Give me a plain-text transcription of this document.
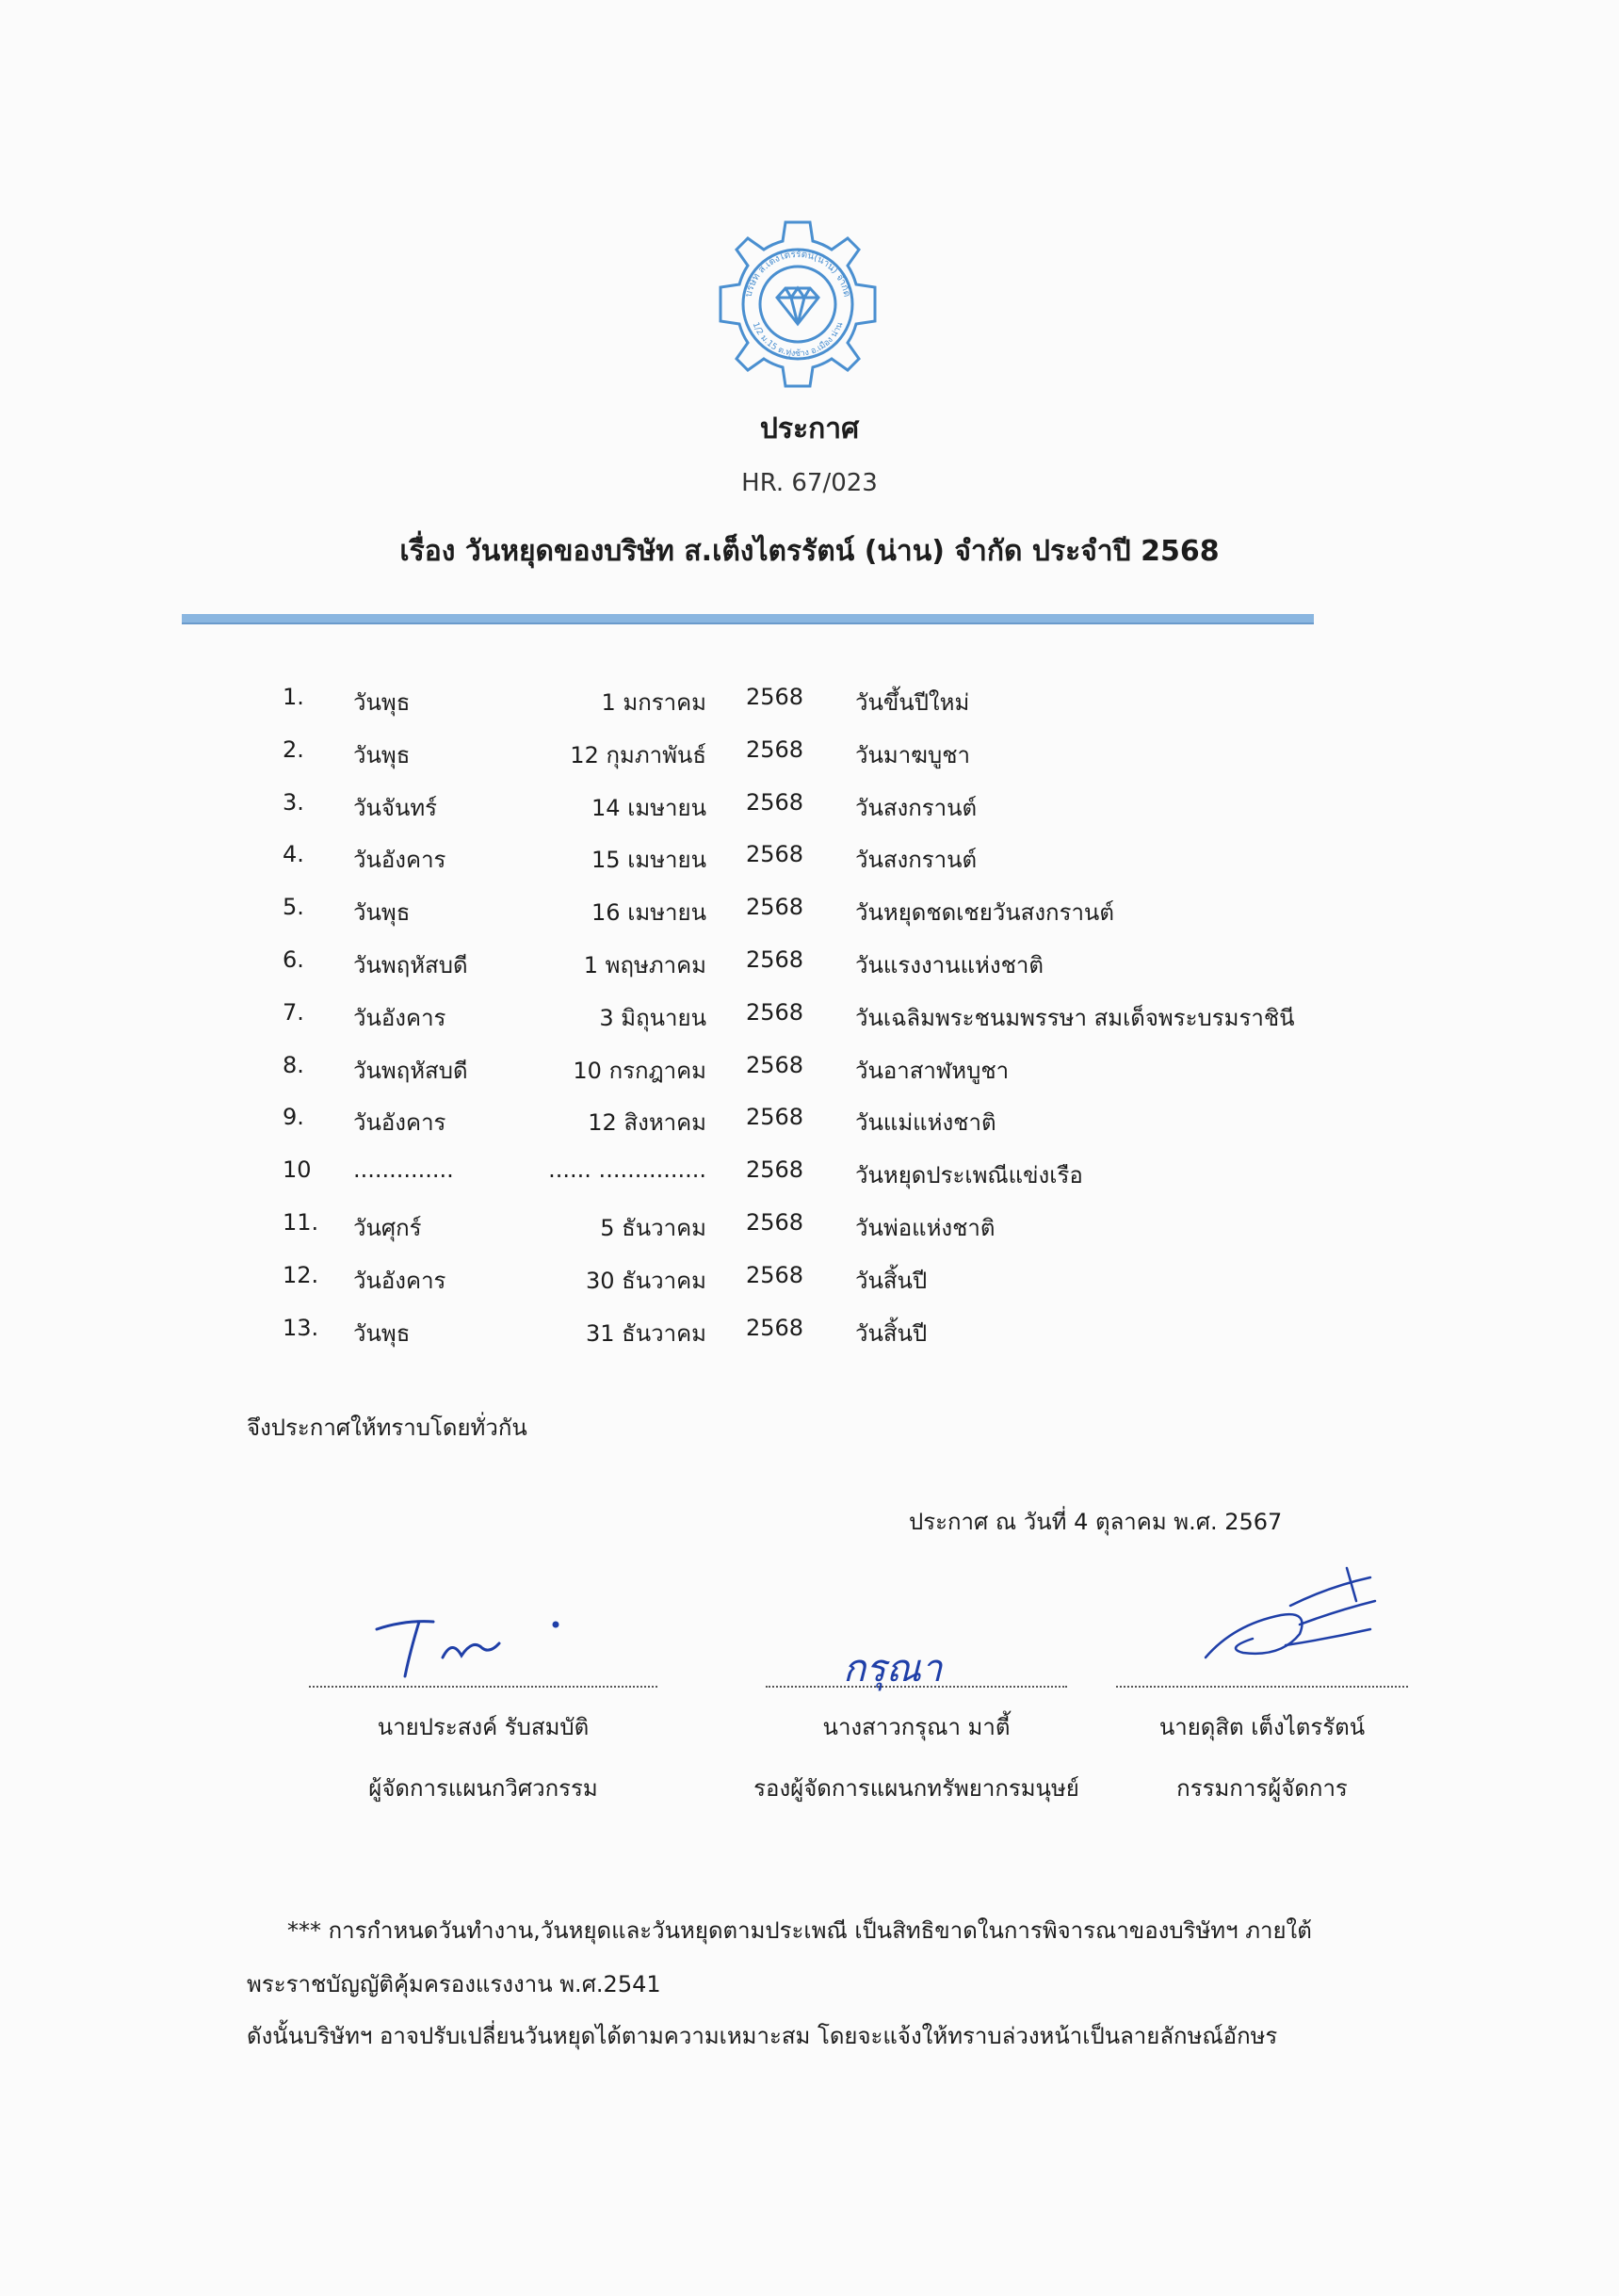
บริษัท ส.เต็งไตรรัตน์(น่าน) จำกัด
1/2 ม.15 ต.ทุ่งช้าง อ.เมือง น่าน
ประกาศ
HR. 67/023
เรื่อง วันหยุดของบริษัท ส.เต็งไตรรัตน์ (น่าน) จำกัด ประจำปี 2568
1. วันพุธ	1 มกราคม 2568 วันขึ้นปีใหม่
2. วันพุธ	12 กุมภาพันธ์ 2568 วันมาฆบูชา
3. วันจันทร์	14 เมษายน 2568 วันสงกรานต์
4. วันอังคาร	15 เมษายน 2568 วันสงกรานต์
5. วันพุธ	16 เมษายน 2568 วันหยุดชดเชยวันสงกรานต์
6. วันพฤหัสบดี	1 พฤษภาคม 2568 วันแรงงานแห่งชาติ
7. วันอังคาร	3 มิถุนายน 2568 วันเฉลิมพระชนมพรรษา สมเด็จพระบรมราชินี
8. วันพฤหัสบดี	10 กรกฎาคม 2568 วันอาสาฬหบูชา
9. วันอังคาร	12 สิงหาคม 2568 วันแม่แห่งชาติ
10 ..............	...... ............... 2568 วันหยุดประเพณีแข่งเรือ
11. วันศุกร์	5 ธันวาคม 2568 วันพ่อแห่งชาติ
12. วันอังคาร	30 ธันวาคม 2568 วันสิ้นปี
13. วันพุธ	31 ธันวาคม 2568 วันสิ้นปี
จึงประกาศให้ทราบโดยทั่วกัน
ประกาศ ณ วันที่ 4 ตุลาคม พ.ศ. 2567
กรุณา
นายประสงค์ รับสมบัติ
ผู้จัดการแผนกวิศวกรรม
นางสาวกรุณา มาตี้
รองผู้จัดการแผนกทรัพยากรมนุษย์
นายดุสิต เต็งไตรรัตน์
กรรมการผู้จัดการ
*** การกำหนดวันทำงาน,วันหยุดและวันหยุดตามประเพณี เป็นสิทธิขาดในการพิจารณาของบริษัทฯ ภายใต้
พระราชบัญญัติคุ้มครองแรงงาน พ.ศ.2541
ดังนั้นบริษัทฯ อาจปรับเปลี่ยนวันหยุดได้ตามความเหมาะสม โดยจะแจ้งให้ทราบล่วงหน้าเป็นลายลักษณ์อักษร
